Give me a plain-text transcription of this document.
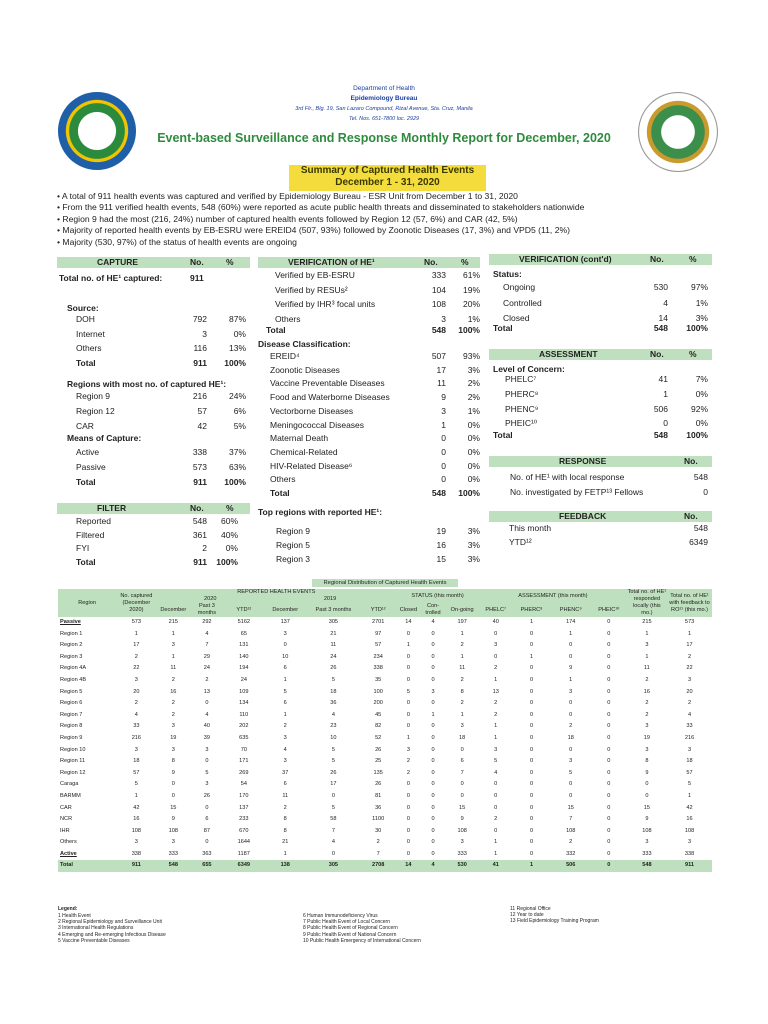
Department of Health
Epidemiology Bureau
3rd Flr., Blg. 19, San Lazaro Compound, Rizal Avenue, Sta. Cruz, Manila
Tel. Nos. 651-7800 loc. 2929
Event-based Surveillance and Response Monthly Report for December, 2020
Summary of Captured Health Events
December 1 - 31, 2020
• A total of 911 health events was captured and verified by Epidemiology Bureau - ESR Unit from December 1 to 31, 2020
• From the 911 verified health events, 548 (60%) were reported as acute public health threats and disseminated to stakeholders nationwide
• Region 9 had the most (216, 24%) number of captured health events followed by Region 12 (57, 6%) and CAR (42, 5%)
• Majority of reported health events by EB-ESRU were EREID4 (507, 93%) followed by Zoonotic Diseases (17, 3%) and VPD5 (11, 2%)
• Majority (530, 97%) of the status of health events are ongoing
CAPTURE	No.	%
Total no. of HE¹ captured:	911
Source:
FILTER	No.	%
VERIFICATION of HE¹	No.	%
Disease Classification:
Top regions with reported HE¹:
VERIFICATION (cont'd)	No.	%
Status:
ASSESSMENT	No.	%
Level of Concern:
RESPONSE	No.
FEEDBACK	No.
Regional Distribution of Captured Health Events
Region	No. captured (December 2020)	REPORTED HEALTH EVENTS						STATUS (this month)			ASSESSMENT (this month)				Total no. of HE¹ responded locally (this mo.)	Total no. of HE¹ with feedback to RO¹¹ (this mo.)
		2020			2019											
		December	Past 3 months	YTD¹²	December	Past 3 months	YTD¹²	Closed	Con-trolled	On-going	PHELC⁷	PHERC⁸	PHENC⁹	PHEIC¹⁰		
Passive	573	215	292	5162	137	305	2701	14	4	197	40	1	174	0	215	573
Region 1	1	1	4	65	3	21	97	0	0	1	0	0	1	0	1	1
Region 2	17	3	7	131	0	11	57	1	0	2	3	0	0	0	3	17
Region 3	2	1	29	140	10	24	234	0	0	1	0	1	0	0	1	2
Region 4A	22	11	24	194	6	26	338	0	0	11	2	0	9	0	11	22
Region 4B	3	2	2	24	1	5	35	0	0	2	1	0	1	0	2	3
Region 5	20	16	13	109	5	18	100	5	3	8	13	0	3	0	16	20
Region 6	2	2	0	134	6	36	200	0	0	2	2	0	0	0	2	2
Region 7	4	2	4	110	1	4	45	0	1	1	2	0	0	0	2	4
Region 8	33	3	40	202	2	23	82	0	0	3	1	0	2	0	3	33
Region 9	216	19	39	635	3	10	52	1	0	18	1	0	18	0	19	216
Region 10	3	3	3	70	4	5	26	3	0	0	3	0	0	0	3	3
Region 11	18	8	0	171	3	5	25	2	0	6	5	0	3	0	8	18
Region 12	57	9	5	269	37	26	135	2	0	7	4	0	5	0	9	57
Caraga	5	0	3	54	6	17	26	0	0	0	0	0	0	0	0	5
BARMM	1	0	26	170	11	0	81	0	0	0	0	0	0	0	0	1
CAR	42	15	0	137	2	5	36	0	0	15	0	0	15	0	15	42
NCR	16	9	6	233	8	58	1100	0	0	9	2	0	7	0	9	16
IHR	108	108	87	670	8	7	30	0	0	108	0	0	108	0	108	108
Others	3	3	0	1644	21	4	2	0	0	3	1	0	2	0	3	3
Active	338	333	363	1187	1	0	7	0	0	333	1	0	332	0	333	338
Total	911	548	655	6349	138	305	2708	14	4	530	41	1	506	0	548	911
Legend:
1 Health Event
2 Regional Epidemiology and Surveillance Unit
3 International Health Regulations
4 Emerging and Re-emerging Infectious Disease
5 Vaccine Preventable Diseases
6 Human Immunodeficiency Virus
7 Public Health Event of Local Concern
8 Public Health Event of Regional Concern
9 Public Health Event of National Concern
10 Public Health Emergency of International Concern
11 Regional Office
12 Year to date
13 Field Epidemiology Training Program
DOH	792	87%
Internet	3	0%
Others	116	13%
Total	911	100%
Regions with most no. of captured HE¹:
Region 9	216	24%
Region 12	57	6%
CAR	42	5%
Means of Capture:
Active	338	37%
Passive	573	63%
Total	911	100%
Reported	548	60%
Filtered	361	40%
FYI	2	0%
Total	911	100%
Verified by EB-ESRU	333	61%
Verified by RESUs²	104	19%
Verified by IHR³ focal units	108	20%
Others	3	1%
Total	548	100%
EREID⁴	507	93%
Zoonotic Diseases	17	3%
Vaccine Preventable Diseases	11	2%
Food and Waterborne Diseases	9	2%
Vectorborne Diseases	3	1%
Meningococcal Diseases	1	0%
Maternal Death	0	0%
Chemical-Related	0	0%
HIV-Related Disease⁶	0	0%
Others	0	0%
Total	548	100%
Region 9	19	3%
Region 5	16	3%
Region 3	15	3%
Ongoing	530	97%
Controlled	4	1%
Closed	14	3%
Total	548	100%
PHELC⁷	41	7%
PHERC⁸	1	0%
PHENC⁹	506	92%
PHEIC¹⁰	0	0%
Total	548	100%
No. of HE¹ with local response	548
No. investigated by FETP¹³ Fellows	0
This month	548
YTD¹²	6349
